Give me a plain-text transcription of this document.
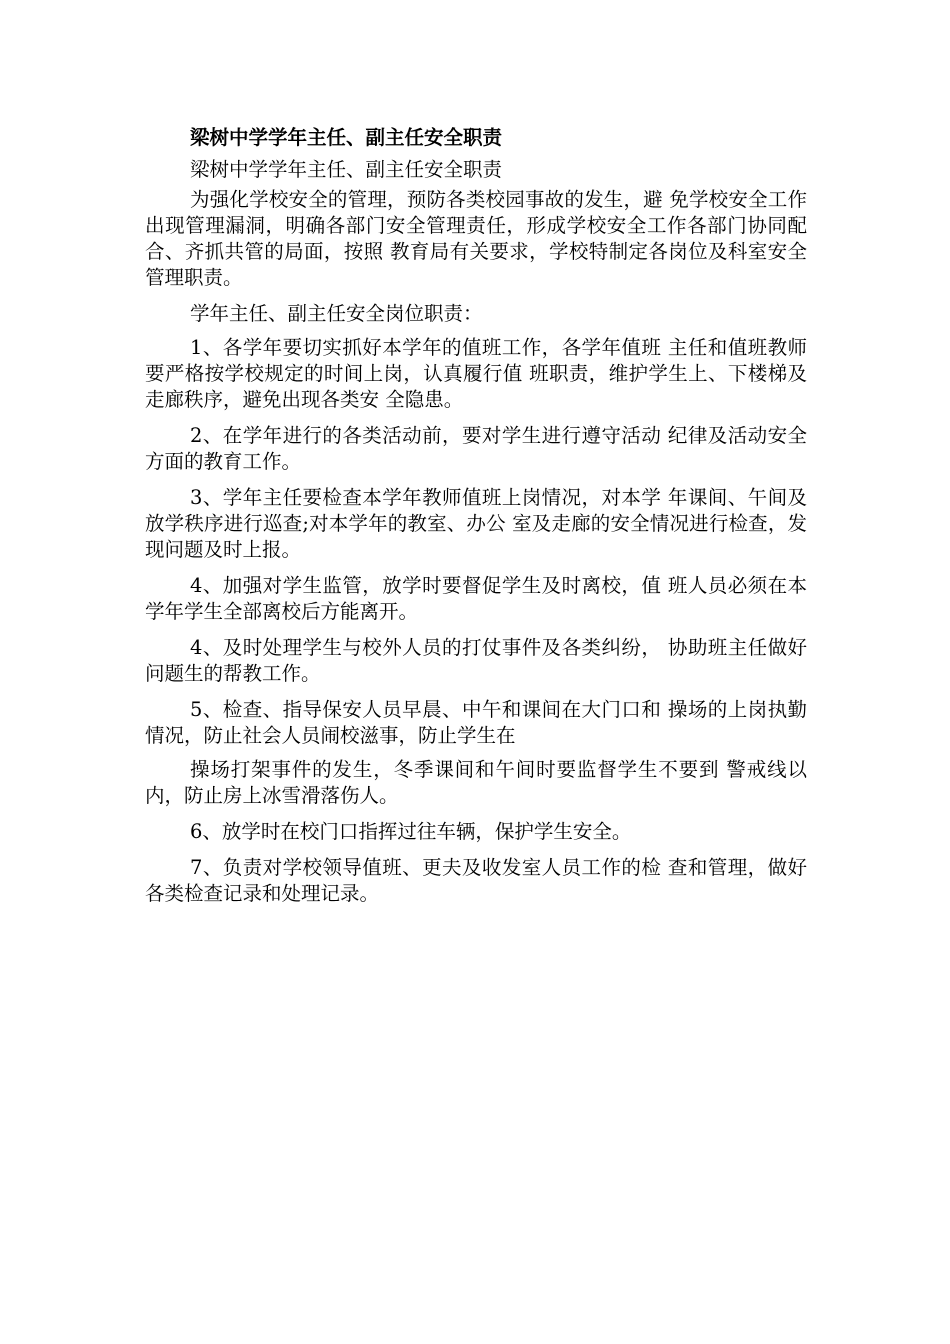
梁树中学学年主任、副主任安全职责
梁树中学学年主任、副主任安全职责

为强化学校安全的管理，预防各类校园事故的发生，避 免学校安全工作出现管理漏洞，明确各部门安全管理责任，形成学校安全工作各部门协同配合、齐抓共管的局面，按照 教育局有关要求，学校特制定各岗位及科室安全管理职责。

学年主任、副主任安全岗位职责：

1、各学年要切实抓好本学年的值班工作，各学年值班 主任和值班教师要严格按学校规定的时间上岗，认真履行值 班职责，维护学生上、下楼梯及走廊秩序，避免出现各类安 全隐患。

2、在学年进行的各类活动前，要对学生进行遵守活动 纪律及活动安全方面的教育工作。

3、学年主任要检查本学年教师值班上岗情况，对本学 年课间、午间及放学秩序进行巡查;对本学年的教室、办公 室及走廊的安全情况进行检查，发现问题及时上报。

4、加强对学生监管，放学时要督促学生及时离校，值 班人员必须在本学年学生全部离校后方能离开。

4、及时处理学生与校外人员的打仗事件及各类纠纷， 协助班主任做好问题生的帮教工作。

5、检查、指导保安人员早晨、中午和课间在大门口和 操场的上岗执勤情况，防止社会人员闹校滋事，防止学生在

操场打架事件的发生，冬季课间和午间时要监督学生不要到 警戒线以内，防止房上冰雪滑落伤人。

6、放学时在校门口指挥过往车辆，保护学生安全。

7、负责对学校领导值班、更夫及收发室人员工作的检 查和管理，做好各类检查记录和处理记录。
